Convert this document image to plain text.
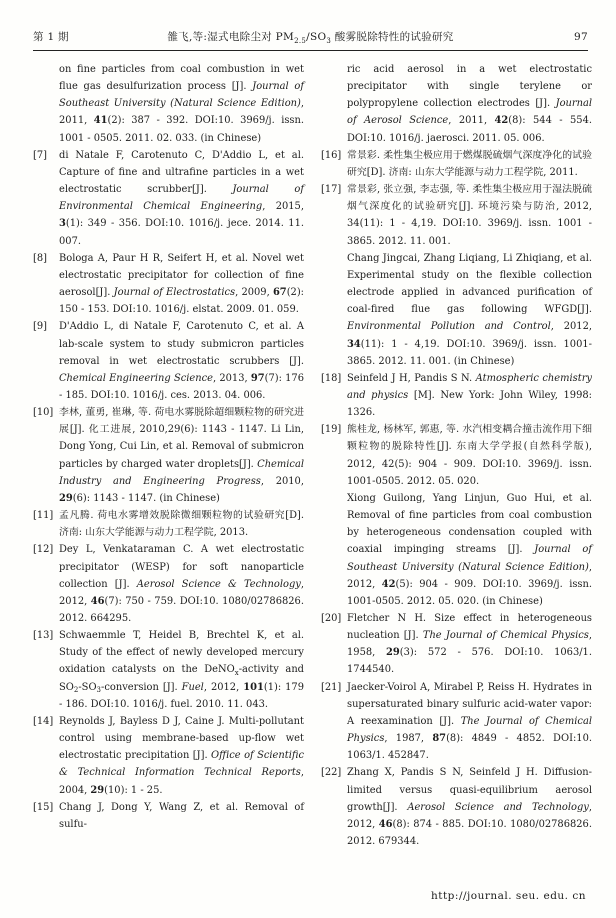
第 1 期	雒飞,等:湿式电除尘对 $PM_{2.5}/SO_3$ 酸雾脱除特性的试验研究	97
on fine particles from coal combustion in wet flue gas desulfurization process [J]. Journal of Southeast University (Natural Science Edition), 2011, 41(2): 387 - 392. DOI:10. 3969/j. issn. 1001 - 0505. 2011. 02. 033. (in Chinese)
[7] di Natale F, Carotenuto C, D'Addio L, et al. Capture of fine and ultrafine particles in a wet electrostatic scrubber[J]. Journal of Environmental Chemical Engineering, 2015, 3(1): 349 - 356. DOI:10. 1016/j. jece. 2014. 11. 007.
[8] Bologa A, Paur H R, Seifert H, et al. Novel wet electrostatic precipitator for collection of fine aerosol[J]. Journal of Electrostatics, 2009, 67(2): 150 - 153. DOI:10. 1016/j. elstat. 2009. 01. 059.
[9] D'Addio L, di Natale F, Carotenuto C, et al. A lab-scale system to study submicron particles removal in wet electrostatic scrubbers [J]. Chemical Engineering Science, 2013, 97(7): 176 - 185. DOI:10. 1016/j. ces. 2013. 04. 006.
[10] 李林, 董勇, 崔琳, 等. 荷电水雾脱除超细颗粒物的研究进展[J]. 化工进展, 2010,29(6): 1143 - 1147. Li Lin, Dong Yong, Cui Lin, et al. Removal of submicron particles by charged water droplets[J]. Chemical Industry and Engineering Progress, 2010, 29(6): 1143 - 1147. (in Chinese)
[11] 孟凡腾. 荷电水雾增效脱除微细颗粒物的试验研究[D]. 济南: 山东大学能源与动力工程学院, 2013.
[12] Dey L, Venkataraman C. A wet electrostatic precipitator (WESP) for soft nanoparticle collection [J]. Aerosol Science & Technology, 2012, 46(7): 750 - 759. DOI:10. 1080/02786826. 2012. 664295.
[13] Schwaemmle T, Heidel B, Brechtel K, et al. Study of the effect of newly developed mercury oxidation catalysts on the DeNO$_x$-activity and $SO_2-SO_3$-conversion [J]. Fuel, 2012, 101(1): 179 - 186. DOI:10. 1016/j. fuel. 2010. 11. 043.
[14] Reynolds J, Bayless D J, Caine J. Multi-pollutant control using membrane-based up-flow wet electrostatic precipitation [J]. Office of Scientific & Technical Information Technical Reports, 2004, 29(10): 1 - 25.
[15] Chang J, Dong Y, Wang Z, et al. Removal of sulfu-
ric acid aerosol in a wet electrostatic precipitator with single terylene or polypropylene collection electrodes [J]. Journal of Aerosol Science, 2011, 42(8): 544 - 554. DOI:10. 1016/j. jaerosci. 2011. 05. 006.
[16] 常景彩. 柔性集尘极应用于燃煤脱硫烟气深度净化的试验研究[D]. 济南: 山东大学能源与动力工程学院, 2011.
[17] 常景彩, 张立强, 李志强, 等. 柔性集尘极应用于湿法脱硫烟气深度化的试验研究[J]. 环境污染与防治, 2012, 34(11): 1 - 4,19. DOI:10. 3969/j. issn. 1001 - 3865. 2012. 11. 001.
Chang Jingcai, Zhang Liqiang, Li Zhiqiang, et al. Experimental study on the flexible collection electrode applied in advanced purification of coal-fired flue gas following WFGD[J]. Environmental Pollution and Control, 2012, 34(11): 1 - 4,19. DOI:10. 3969/j. issn. 1001-3865. 2012. 11. 001. (in Chinese)
[18] Seinfeld J H, Pandis S N. Atmospheric chemistry and physics [M]. New York: John Wiley, 1998: 1326.
[19] 熊桂龙, 杨林军, 郭惠, 等. 水汽相变耦合撞击流作用下细颗粒物的脱除特性[J]. 东南大学学报(自然科学版), 2012, 42(5): 904 - 909. DOI:10. 3969/j. issn. 1001-0505. 2012. 05. 020.
Xiong Guilong, Yang Linjun, Guo Hui, et al. Removal of fine particles from coal combustion by heterogeneous condensation coupled with coaxial impinging streams [J]. Journal of Southeast University (Natural Science Edition), 2012, 42(5): 904 - 909. DOI:10. 3969/j. issn. 1001-0505. 2012. 05. 020. (in Chinese)
[20] Fletcher N H. Size effect in heterogeneous nucleation [J]. The Journal of Chemical Physics, 1958, 29(3): 572 - 576. DOI:10. 1063/1. 1744540.
[21] Jaecker-Voirol A, Mirabel P, Reiss H. Hydrates in supersaturated binary sulfuric acid-water vapor: A reexamination [J]. The Journal of Chemical Physics, 1987, 87(8): 4849 - 4852. DOI:10. 1063/1. 452847.
[22] Zhang X, Pandis S N, Seinfeld J H. Diffusion-limited versus quasi-equilibrium aerosol growth[J]. Aerosol Science and Technology, 2012, 46(8): 874 - 885. DOI:10. 1080/02786826. 2012. 679344.
http://journal. seu. edu. cn
